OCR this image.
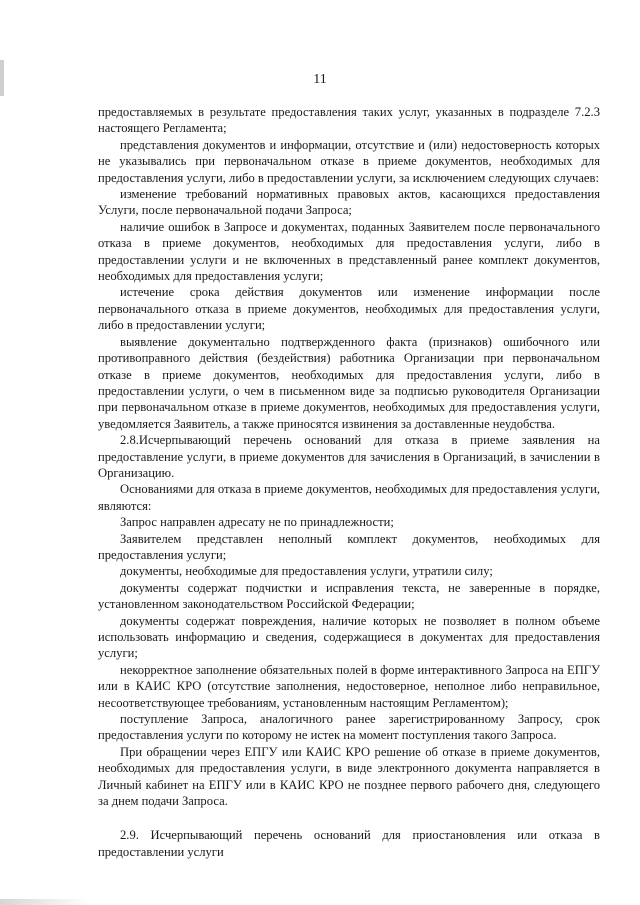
11

предоставляемых в результате предоставления таких услуг, указанных в подразделе 7.2.3 настоящего Регламента;

представления документов и информации, отсутствие и (или) недостоверность которых не указывались при первоначальном отказе в приеме документов, необходимых для предоставления услуги, либо в предоставлении услуги, за исключением следующих случаев:

изменение требований нормативных правовых актов, касающихся предоставления Услуги, после первоначальной подачи Запроса;

наличие ошибок в Запросе и документах, поданных Заявителем после первоначального отказа в приеме документов, необходимых для предоставления услуги, либо в предоставлении услуги и не включенных в представленный ранее комплект документов, необходимых для предоставления услуги;

истечение срока действия документов или изменение информации после первоначального отказа в приеме документов, необходимых для предоставления услуги, либо в предоставлении услуги;

выявление документально подтвержденного факта (признаков) ошибочного или противоправного действия (бездействия) работника Организации при первоначальном отказе в приеме документов, необходимых для предоставления услуги, либо в предоставлении услуги, о чем в письменном виде за подписью руководителя Организации при первоначальном отказе в приеме документов, необходимых для предоставления услуги, уведомляется Заявитель, а также приносятся извинения за доставленные неудобства.

2.8.Исчерпывающий перечень оснований для отказа в приеме заявления на предоставление услуги, в приеме документов для зачисления в Организаций, в зачислении в Организацию.

Основаниями для отказа в приеме документов, необходимых для предоставления услуги, являются:

Запрос направлен адресату не по принадлежности;

Заявителем представлен неполный комплект документов, необходимых для предоставления услуги;

документы, необходимые для предоставления услуги, утратили силу;

документы содержат подчистки и исправления текста, не заверенные в порядке, установленном законодательством Российской Федерации;

документы содержат повреждения, наличие которых не позволяет в полном объеме использовать информацию и сведения, содержащиеся в документах для предоставления услуги;

некорректное заполнение обязательных полей в форме интерактивного Запроса на ЕПГУ или в КАИС КРО (отсутствие заполнения, недостоверное, неполное либо неправильное, несоответствующее требованиям, установленным настоящим Регламентом);

поступление Запроса, аналогичного ранее зарегистрированному Запросу, срок предоставления услуги по которому не истек на момент поступления такого Запроса.

При обращении через ЕПГУ или КАИС КРО решение об отказе в приеме документов, необходимых для предоставления услуги, в виде электронного документа направляется в Личный кабинет на ЕПГУ или в КАИС КРО не позднее первого рабочего дня, следующего за днем подачи Запроса.

2.9. Исчерпывающий перечень оснований для приостановления или отказа в предоставлении услуги
